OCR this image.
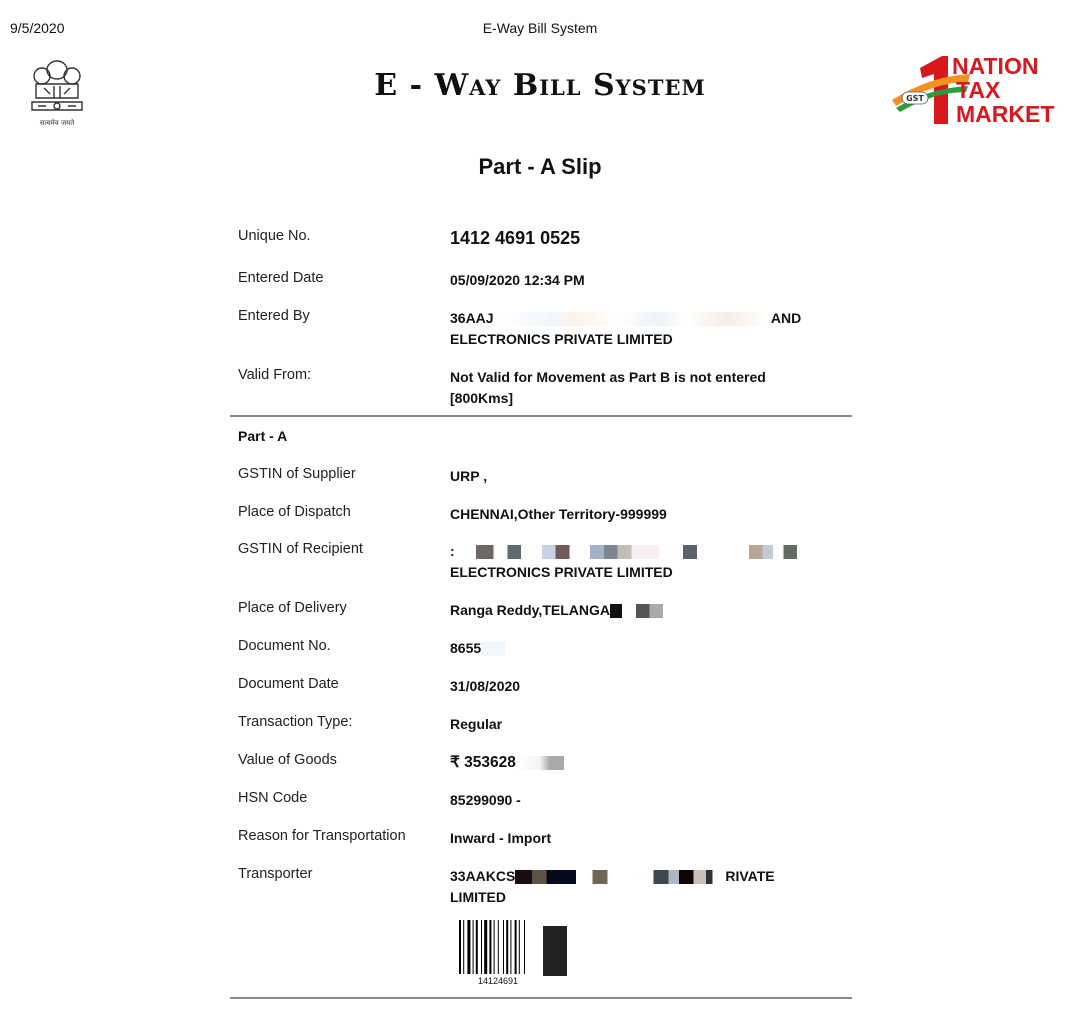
9/5/2020	E-Way Bill System
सत्यमेव जयते
E - Way Bill System	GST
NATION
TAX
MARKET
Part - A Slip
Unique No.	1412 4691 0525
Entered Date	05/09/2020 12:34 PM
Entered By	36AAJ	AND
ELECTRONICS PRIVATE LIMITED
Valid From:	Not Valid for Movement as Part B is not entered
[800Kms]
Part - A
GSTIN of Supplier	URP ,
Place of Dispatch	CHENNAI,Other Territory-999999
GSTIN of Recipient	:
ELECTRONICS PRIVATE LIMITED
Place of Delivery	Ranga Reddy,TELANGA
Document No.	8655
Document Date	31/08/2020
Transaction Type:	Regular
Value of Goods	₹ 353628
HSN Code	85299090 -
Reason for Transportation	Inward - Import
Transporter	33AAKCS	RIVATE
LIMITED
14124691
